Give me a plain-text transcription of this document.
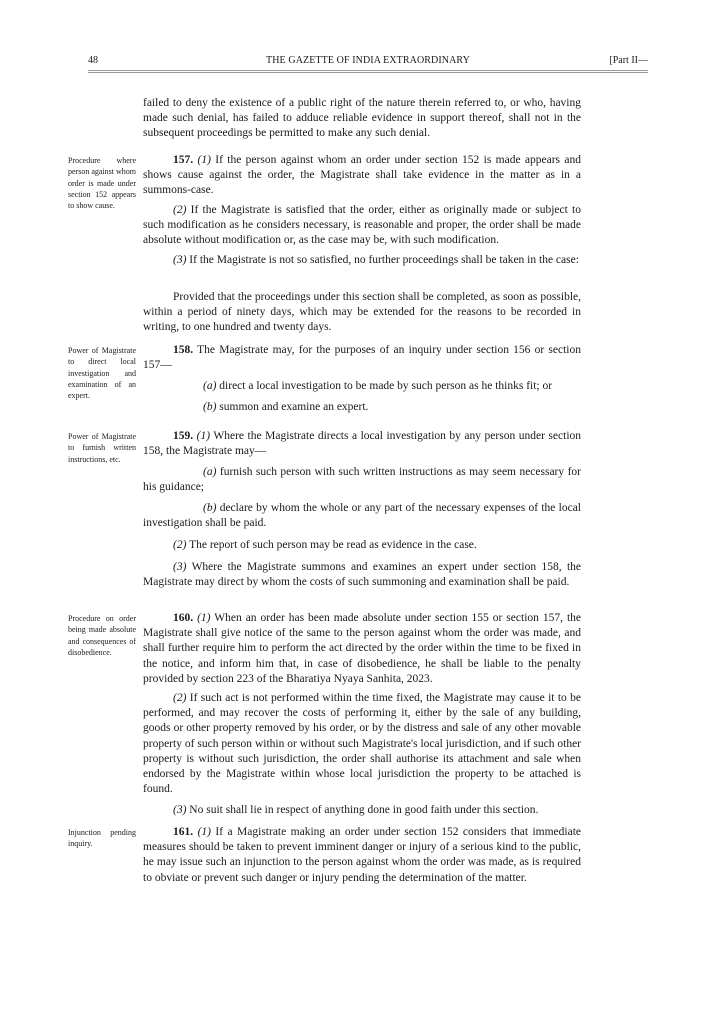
48	THE GAZETTE OF INDIA EXTRAORDINARY	[Part II—
failed to deny the existence of a public right of the nature therein referred to, or who, having made such denial, has failed to adduce reliable evidence in support thereof, shall not in the subsequent proceedings be permitted to make any such denial.
Procedure where person against whom order is made under section 152 appears to show cause.
157. (1) If the person against whom an order under section 152 is made appears and shows cause against the order, the Magistrate shall take evidence in the matter as in a summons-case.
(2) If the Magistrate is satisfied that the order, either as originally made or subject to such modification as he considers necessary, is reasonable and proper, the order shall be made absolute without modification or, as the case may be, with such modification.
(3) If the Magistrate is not so satisfied, no further proceedings shall be taken in the case:
Provided that the proceedings under this section shall be completed, as soon as possible, within a period of ninety days, which may be extended for the reasons to be recorded in writing, to one hundred and twenty days.
Power of Magistrate to direct local investigation and examination of an expert.
158. The Magistrate may, for the purposes of an inquiry under section 156 or section 157—
(a) direct a local investigation to be made by such person as he thinks fit; or
(b) summon and examine an expert.
Power of Magistrate to furnish written instructions, etc.
159. (1) Where the Magistrate directs a local investigation by any person under section 158, the Magistrate may—
(a) furnish such person with such written instructions as may seem necessary for his guidance;
(b) declare by whom the whole or any part of the necessary expenses of the local investigation shall be paid.
(2) The report of such person may be read as evidence in the case.
(3) Where the Magistrate summons and examines an expert under section 158, the Magistrate may direct by whom the costs of such summoning and examination shall be paid.
Procedure on order being made absolute and consequences of disobedience.
160. (1) When an order has been made absolute under section 155 or section 157, the Magistrate shall give notice of the same to the person against whom the order was made, and shall further require him to perform the act directed by the order within the time to be fixed in the notice, and inform him that, in case of disobedience, he shall be liable to the penalty provided by section 223 of the Bharatiya Nyaya Sanhita, 2023.
(2) If such act is not performed within the time fixed, the Magistrate may cause it to be performed, and may recover the costs of performing it, either by the sale of any building, goods or other property removed by his order, or by the distress and sale of any other movable property of such person within or without such Magistrate's local jurisdiction, and if such other property is without such jurisdiction, the order shall authorise its attachment and sale when endorsed by the Magistrate within whose local jurisdiction the property to be attached is found.
(3) No suit shall lie in respect of anything done in good faith under this section.
Injunction pending inquiry.
161. (1) If a Magistrate making an order under section 152 considers that immediate measures should be taken to prevent imminent danger or injury of a serious kind to the public, he may issue such an injunction to the person against whom the order was made, as is required to obviate or prevent such danger or injury pending the determination of the matter.
